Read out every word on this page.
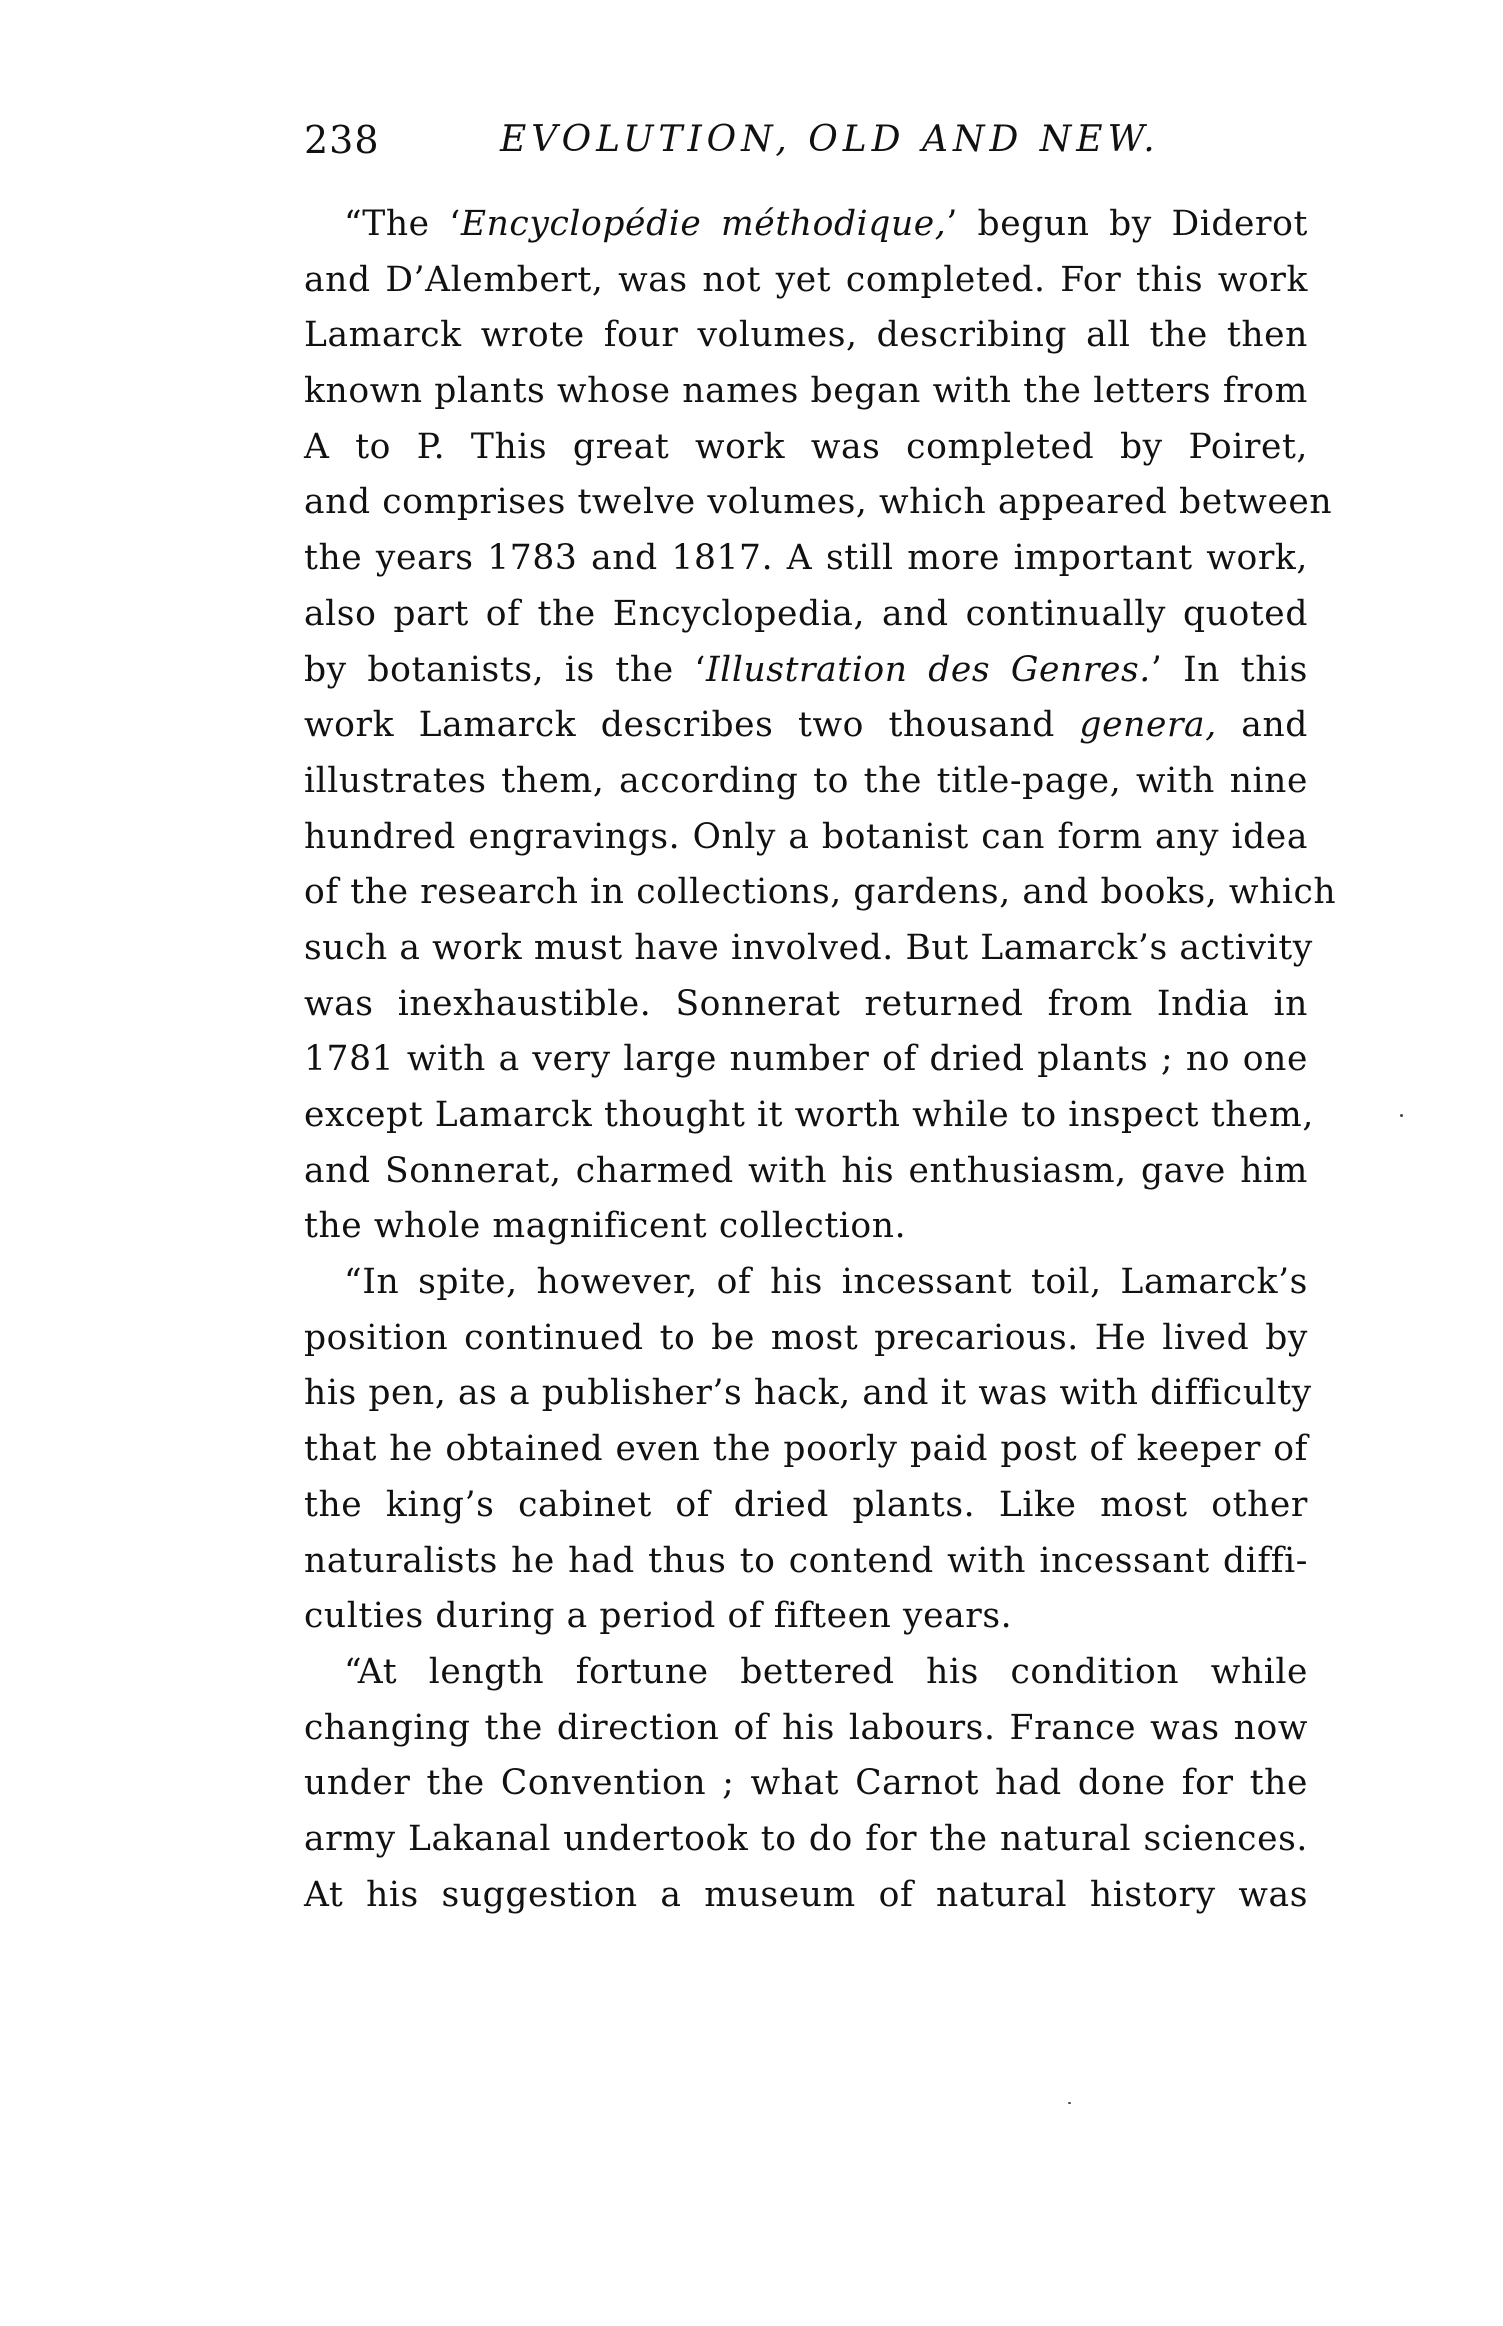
238	EVOLUTION, OLD AND NEW.
“The ‘Encyclopédie méthodique,’ begun by Diderot
and D’Alembert, was not yet completed. For this work
Lamarck wrote four volumes, describing all the then
known plants whose names began with the letters from
A to P. This great work was completed by Poiret,
and comprises twelve volumes, which appeared between
the years 1783 and 1817. A still more important work,
also part of the Encyclopedia, and continually quoted
by botanists, is the ‘Illustration des Genres.’ In this
work Lamarck describes two thousand genera, and
illustrates them, according to the title-page, with nine
hundred engravings. Only a botanist can form any idea
of the research in collections, gardens, and books, which
such a work must have involved. But Lamarck’s activity
was inexhaustible. Sonnerat returned from India in
1781 with a very large number of dried plants ; no one
except Lamarck thought it worth while to inspect them,
and Sonnerat, charmed with his enthusiasm, gave him
the whole magnificent collection.
“In spite, however, of his incessant toil, Lamarck’s
position continued to be most precarious. He lived by
his pen, as a publisher’s hack, and it was with difficulty
that he obtained even the poorly paid post of keeper of
the king’s cabinet of dried plants. Like most other
naturalists he had thus to contend with incessant diffi-
culties during a period of fifteen years.
“At length fortune bettered his condition while
changing the direction of his labours. France was now
under the Convention ; what Carnot had done for the
army Lakanal undertook to do for the natural sciences.
At his suggestion a museum of natural history was
